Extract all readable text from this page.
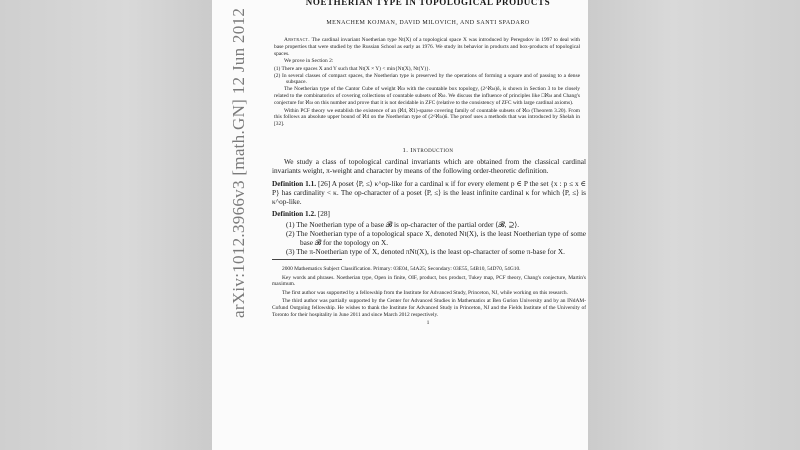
arXiv:1012.3966v3 [math.GN] 12 Jun 2012
NOETHERIAN TYPE IN TOPOLOGICAL PRODUCTS
MENACHEM KOJMAN, DAVID MILOVICH, AND SANTI SPADARO

Abstract. The cardinal invariant Noetherian type Nt(X) of a topological space X was introduced by Peregudov in 1997 to deal with base properties that were studied by the Russian School as early as 1976. We study its behavior in products and box-products of topological spaces.

We prove in Section 2:

(1) There are spaces X and Y such that Nt(X × Y) < min{Nt(X), Nt(Y)}.
(2) In several classes of compact spaces, the Noetherian type is preserved by the operations of forming a square and of passing to a dense subspace.

The Noetherian type of the Cantor Cube of weight ℵω with the countable box topology, (2^ℵω)δ, is shown in Section 3 to be closely related to the combinatorics of covering collections of countable subsets of ℵω. We discuss the influence of principles like □ℵω and Chang's conjecture for ℵω on this number and prove that it is not decidable in ZFC (relative to the consistency of ZFC with large cardinal axioms).

Within PCF theory we establish the existence of an (ℵ4, ℵ1)-sparse covering family of countable subsets of ℵω (Theorem 3.20). From this follows an absolute upper bound of ℵ4 on the Noetherian type of (2^ℵω)δ. The proof uses a methods that was introduced by Shelah in [32].

1. Introduction

We study a class of topological cardinal invariants which are obtained from the classical cardinal invariants weight, π-weight and character by means of the following order-theoretic definition.

Definition 1.1. [26] A poset ⟨P, ≤⟩ κ^op-like for a cardinal κ if for every element p ∈ P the set {x : p ≤ x ∈ P} has cardinality < κ. The op-character of a poset ⟨P, ≤⟩ is the least infinite cardinal κ for which ⟨P, ≤⟩ is κ^op-like.

Definition 1.2. [28]

(1) The Noetherian type of a base 𝓑 is op-character of the partial order ⟨𝓑, ⊇⟩.
(2) The Noetherian type of a topological space X, denoted Nt(X), is the least Noetherian type of some base 𝓑 for the topology on X.
(3) The π-Noetherian type of X, denoted πNt(X), is the least op-character of some π-base for X.

2000 Mathematics Subject Classification. Primary: 03E04, 54A25; Secondary: 03E55, 54B10, 54D70, 54G10.

Key words and phrases. Noetherian type, Open in finite, OIF, product, box product, Tukey map, PCF theory, Chang's conjecture, Martin's maximum.

The first author was supported by a fellowship from the Institute for Advanced Study, Princeton, NJ, while working on this research.

The third author was partially supported by the Center for Advanced Studies in Mathematics at Ben Gurion University and by an INdAM-Cofund Outgoing fellowship. He wishes to thank the Institute for Advanced Study in Princeton, NJ and the Fields Institute of the University of Toronto for their hospitality in June 2011 and since March 2012 respectively.

1
